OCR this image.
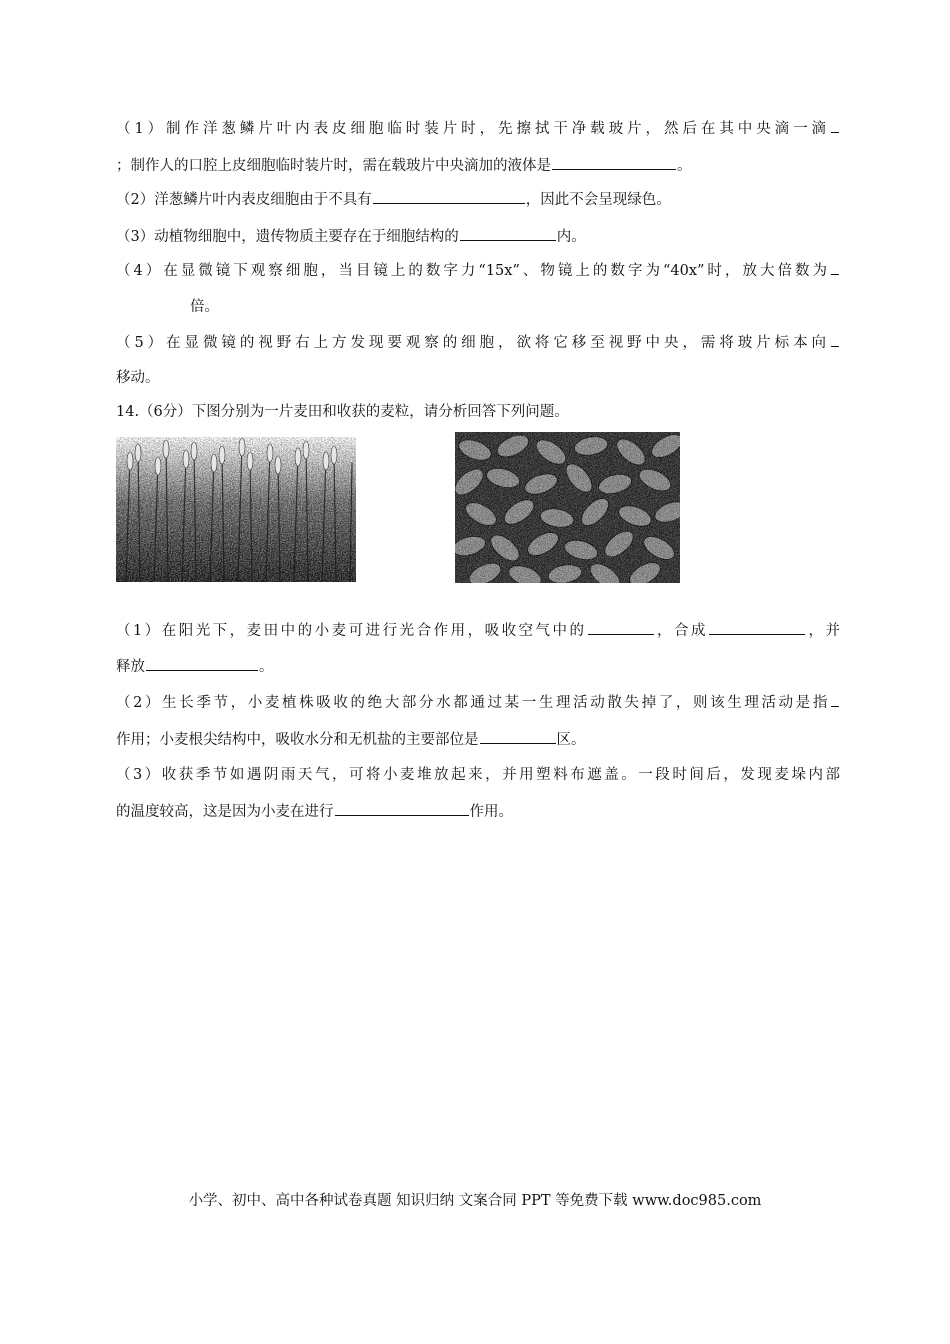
（1）制作洋葱鳞片叶内表皮细胞临时装片时，先擦拭干净载玻片，然后在其中央滴一滴
；制作人的口腔上皮细胞临时装片时，需在载玻片中央滴加的液体是	。
（2）洋葱鳞片叶内表皮细胞由于不具有	，因此不会呈现绿色。
（3）动植物细胞中，遗传物质主要存在于细胞结构的	内。
（4）在显微镜下观察细胞，当目镜上的数字力“15x”、物镜上的数字为“40x”时，放大倍数为
倍。
（5）在显微镜的视野右上方发现要观察的细胞，欲将它移至视野中央，需将玻片标本向
移动。
14.（6分）下图分别为一片麦田和收获的麦粒，请分析回答下列问题。
（1）在阳光下，麦田中的小麦可进行光合作用，吸收空气中的	，合成	，并
释放	。
（2）生长季节，小麦植株吸收的绝大部分水都通过某一生理活动散失掉了，则该生理活动是指
作用；小麦根尖结构中，吸收水分和无机盐的主要部位是	区。
（3）收获季节如遇阴雨天气，可将小麦堆放起来，并用塑料布遮盖。一段时间后，发现麦垛内部
的温度较高，这是因为小麦在进行	作用。
小学、初中、高中各种试卷真题 知识归纳 文案合同 PPT 等免费下载 www.doc985.com
